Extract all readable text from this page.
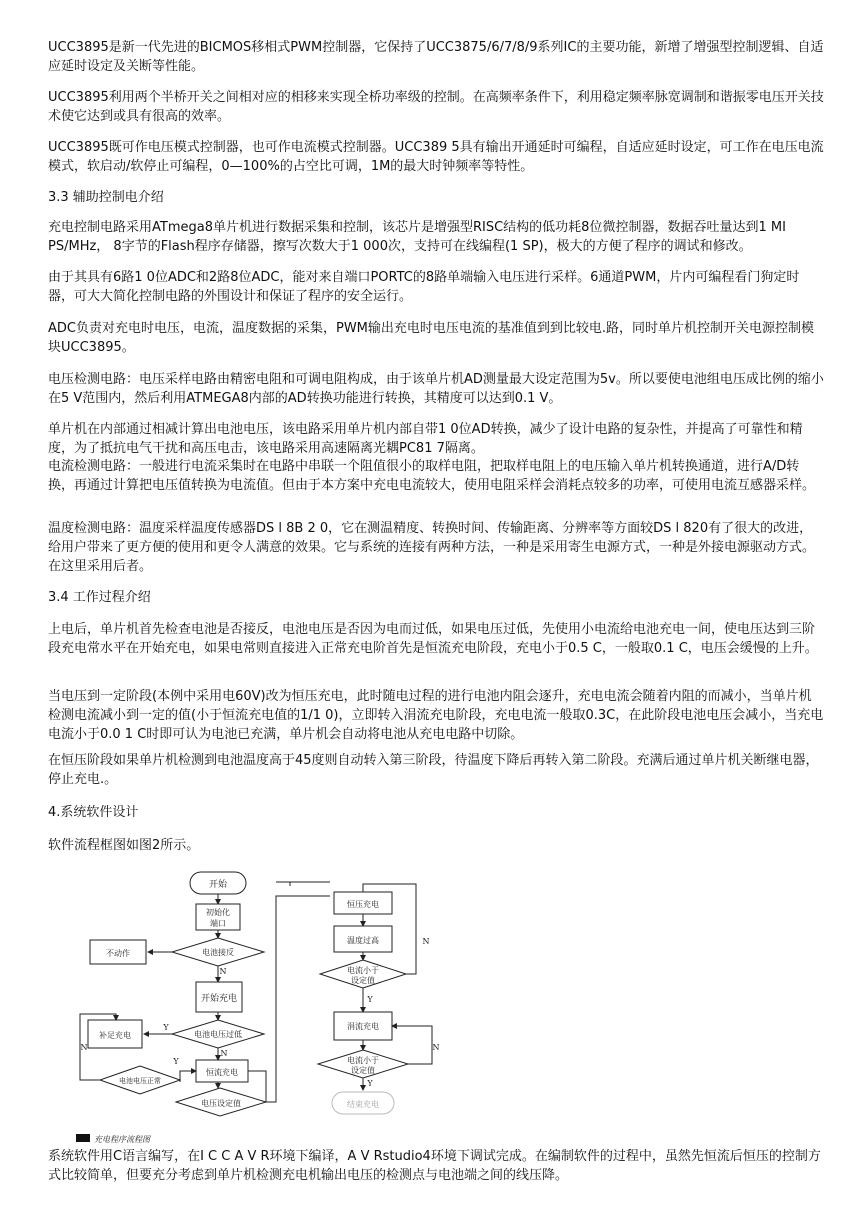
UCC3895是新一代先进的BICMOS移相式PWM控制器，它保持了UCC3875/6/7/8/9系列IC的主要功能，新增了增强型控制逻辑、自适应延时设定及关断等性能。

UCC3895利用两个半桥开关之间相对应的相移来实现全桥功率级的控制。在高频率条件下，利用稳定频率脉宽调制和谐振零电压开关技术使它达到或具有很高的效率。

UCC3895既可作电压模式控制器，也可作电流模式控制器。UCC389 5具有输出开通延时可编程，自适应延时设定，可工作在电压电流模式，软启动/软停止可编程，0—100%的占空比可调，1M的最大时钟频率等特性。

3.3 辅助控制电介绍

充电控制电路采用ATmega8单片机进行数据采集和控制，该芯片是增强型RISC结构的低功耗8位微控制器，数据吞吐量达到1 MI PS/MHz， 8字节的Flash程序存储器，擦写次数大于1 000次，支持可在线编程(1 SP)，极大的方便了程序的调试和修改。

由于其具有6路1 0位ADC和2路8位ADC，能对来自端口PORTC的8路单端输入电压进行采样。6通道PWM，片内可编程看门狗定时器，可大大简化控制电路的外围设计和保证了程序的安全运行。

ADC负责对充电时电压，电流，温度数据的采集，PWM输出充电时电压电流的基准值到到比较电.路，同时单片机控制开关电源控制模块UCC3895。

电压检测电路：电压采样电路由精密电阻和可调电阻构成，由于该单片机AD测量最大设定范围为5v。所以要使电池组电压成比例的缩小在5 V范围内，然后利用ATMEGA8内部的AD转换功能进行转换，其精度可以达到0.1 V。

单片机在内部通过相减计算出电池电压，该电路采用单片机内部自带1 0位AD转换，减少了设计电路的复杂性，并提高了可靠性和精度，为了抵抗电气干扰和高压电击，该电路采用高速隔离光耦PC81 7隔离。

电流检测电路：一般进行电流采集时在电路中串联一个阻值很小的取样电阻，把取样电阻上的电压输入单片机转换通道，进行A/D转换，再通过计算把电压值转换为电流值。但由于本方案中充电电流较大，使用电阻采样会消耗点较多的功率，可使用电流互感器采样。

温度检测电路：温度采样温度传感器DS l 8B 2 0，它在测温精度、转换时间、传输距离、分辨率等方面较DS l 820有了很大的改进，给用户带来了更方便的使用和更令人满意的效果。它与系统的连接有两种方法，一种是采用寄生电源方式，一种是外接电源驱动方式。在这里采用后者。

3.4 工作过程介绍

上电后，单片机首先检查电池是否接反，电池电压是否因为电而过低，如果电压过低，先使用小电流给电池充电一间，使电压达到三阶段充电常水平在开始充电，如果电常则直接进入正常充电阶首先是恒流充电阶段，充电小于0.5 C，一般取0.1 C，电压会缓慢的上升。

当电压到一定阶段(本例中采用电60V)改为恒压充电，此时随电过程的进行电池内阻会逐升，充电电流会随着内阻的而减小，当单片机检测电流减小到一定的值(小于恒流充电值的1/1 0)，立即转入涓流充电阶段，充电电流一般取0.3C，在此阶段电池电压会减小，当充电电流小于0.0 1 C时即可认为电池已充满，单片机会自动将电池从充电电路中切除。

在恒压阶段如果单片机检测到电池温度高于45度则自动转入第三阶段，待温度下降后再转入第二阶段。充满后通过单片机关断继电器，停止充电.。

4.系统软件设计

软件流程框图如图2所示。

开始
初始化
端口
电池接反
不动作
开始充电
电池电压过低
补足充电
恒流充电
电池电压正常
电压设定值
恒压充电
温度过高
电流小于
设定值
涓流充电
电流小于
设定值
结束充电
Y
Y
N
N
N
N
Y
N
Y
充电程序流程图

系统软件用C语言编写，在I C C A V R环境下编译，A V Rstudio4环境下调试完成。在编制软件的过程中，虽然先恒流后恒压的控制方式比较简单，但要充分考虑到单片机检测充电机输出电压的检测点与电池端之间的线压降。
